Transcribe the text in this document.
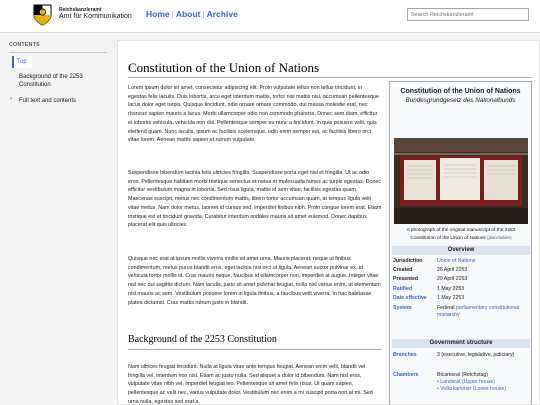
Reichskanzleramt
Amt für Kommunikation Home | About | Archive	Search Reichskanzleramt
CONTENTS
Top
Background of the 2253 Constitution
› Full text and contents
Constitution of the Union of Nations
Lorem ipsum dolor sit amet, consectetur adipiscing elit. Proin vulputate tellus non tellus tincidunt, in egestas felis iaculis. Duis lobortis, arcu eget interdum mattis, tortor nisi mattis nisl, accumsan pellentesque lacus dolor eget turpis. Quisque tincidunt, odio ornare ornare commodo, dui massa molestie erat, nec rhoncus sapien mauris a lacus. Morbi ullamcorper odio non commodo pharetra. Donec sem diam, efficitur et lobortis vehicula, vehicula non dui. Pellentesque semper eu nunc a tincidunt. In quis posuere velit, quis eleifend quam. Nunc iaculis, ipsum ac facilisis scelerisque, odio enim semper est, ac facilisis libero orci vitae lorem. Aenean mattis sapien et rutrum vulputate.
Suspendisse bibendum lacinia felis ultricies fringilla. Suspendisse porta eget nisl et fringilla. Ut ac odio eros. Pellentesque habitant morbi tristique senectus et netus et malesuada fames ac turpis egestas. Donec efficitur vestibulum magna in lobortis. Sed risus ligula, mattis id sem vitae, facilisis egestas quam. Maecenas suscipit, metus nec condimentum mattis, libero tortor accumsan quam, at tempus ligula velit vitae metus. Nam dolor metus, laoreet id cursus sed, imperdiet finibus nibh. Proin congue lorem erat. Etiam tristique est et tincidunt gravida. Curabitur interdum sodales mauris sit amet euismod. Donec dapibus placerat elit quis ultricies.
Quisque nec erat at ipsum mollis viverra mollis sit amet urna. Mauris placerat, neque ut finibus condimentum, metus purus blandit eros, eget lacinia nisi orci ut ligula. Aenean auctor pulvinar ex, id vehicula tortor mollis id. Cras mauris neque, faucibus id ullamcorper non, imperdiet at augue. Integer vitae nisl nec dui sagittis dictum. Nam iaculis, justo sit amet pulvinar feugiat, nulla nisl varius enim, ut elementum nisl mauris ac sem. Vestibulum posuere lorem in ligula finibus, a faucibus velit viverra. In hac habitasse platea dictumst. Cras mattis rutrum justo in blandit.
Background of the 2253 Constitution
Nam ultrices feugiat tincidunt. Nulla at ligula vitae ante tempus feugiat. Aenean enim velit, blandit vel fringilla vel, interdum non nisl. Etiam ac justo nulla. Sed aliquet a dolor id bibendum. Nam nisl eros, vulputate vitae nibh vel, imperdiet feugiat leo. Pellentesque sit amet felis risus. Ut quam sapien, pellentesque ac velit nec, varius vulputate dolor. Vestibulum nec enim a mi suscipit porta non at mi. Sed urna nulla, egestas sed erat a,
Constitution of the Union of Nations
Bundesgrundgesetz des Nationalbunds
A photograph of the original manuscript of the 2253 Constitution of the Union of Nations (placeholder)
Overview
Jurisdiction	Union of Nations
Created	26 April 2253
Presented	29 April 2253
Ratified	1 May 2253
Date effective	1 May 2253
System	Federal parliamentary constitutional monarchy
Government structure
Branches	3 (executive, legislative, judiciary)
Chambers	Bicameral (Reichstag)
• Landsrat (Upper house)
• Volkskammer (Lower house)
